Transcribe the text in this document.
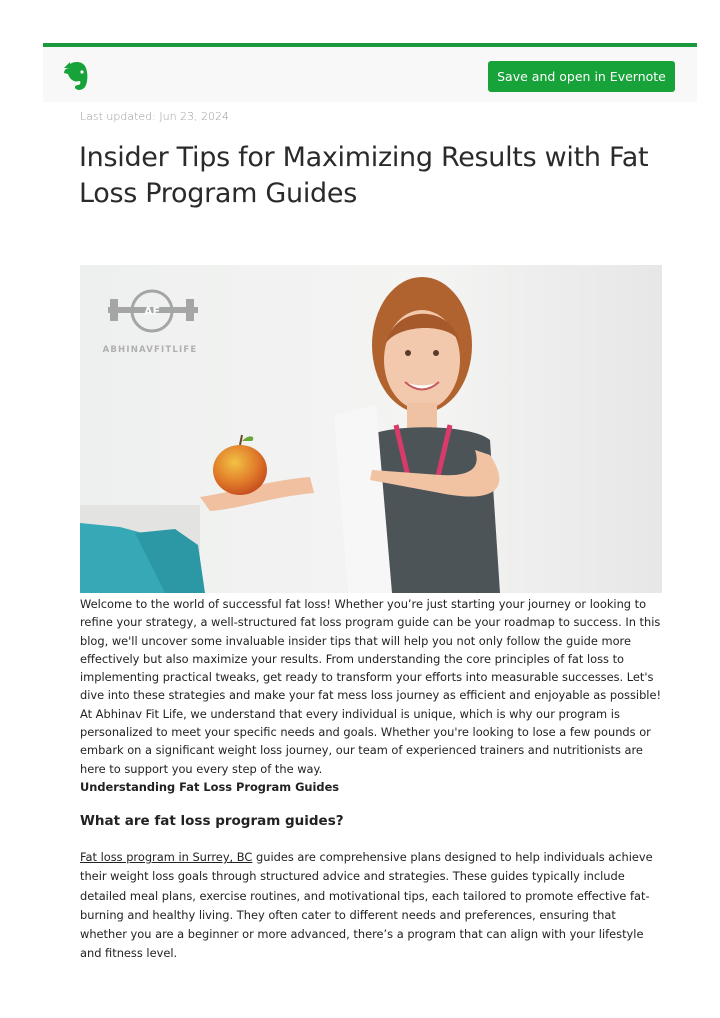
Save and open in Evernote
Last updated: Jun 23, 2024
Insider Tips for Maximizing Results with Fat Loss Program Guides
AF
ABHINAVFITLIFE

Welcome to the world of successful fat loss! Whether you’re just starting your journey or looking to refine your strategy, a well-structured fat loss program guide can be your roadmap to success. In this blog, we'll uncover some invaluable insider tips that will help you not only follow the guide more effectively but also maximize your results. From understanding the core principles of fat loss to implementing practical tweaks, get ready to transform your efforts into measurable successes. Let's dive into these strategies and make your fat mess loss journey as efficient and enjoyable as possible!

At Abhinav Fit Life, we understand that every individual is unique, which is why our program is personalized to meet your specific needs and goals. Whether you're looking to lose a few pounds or embark on a significant weight loss journey, our team of experienced trainers and nutritionists are here to support you every step of the way.

Understanding Fat Loss Program Guides

What are fat loss program guides?

Fat loss program in Surrey, BC guides are comprehensive plans designed to help individuals achieve their weight loss goals through structured advice and strategies. These guides typically include detailed meal plans, exercise routines, and motivational tips, each tailored to promote effective fat-burning and healthy living. They often cater to different needs and preferences, ensuring that whether you are a beginner or more advanced, there’s a program that can align with your lifestyle and fitness level.
